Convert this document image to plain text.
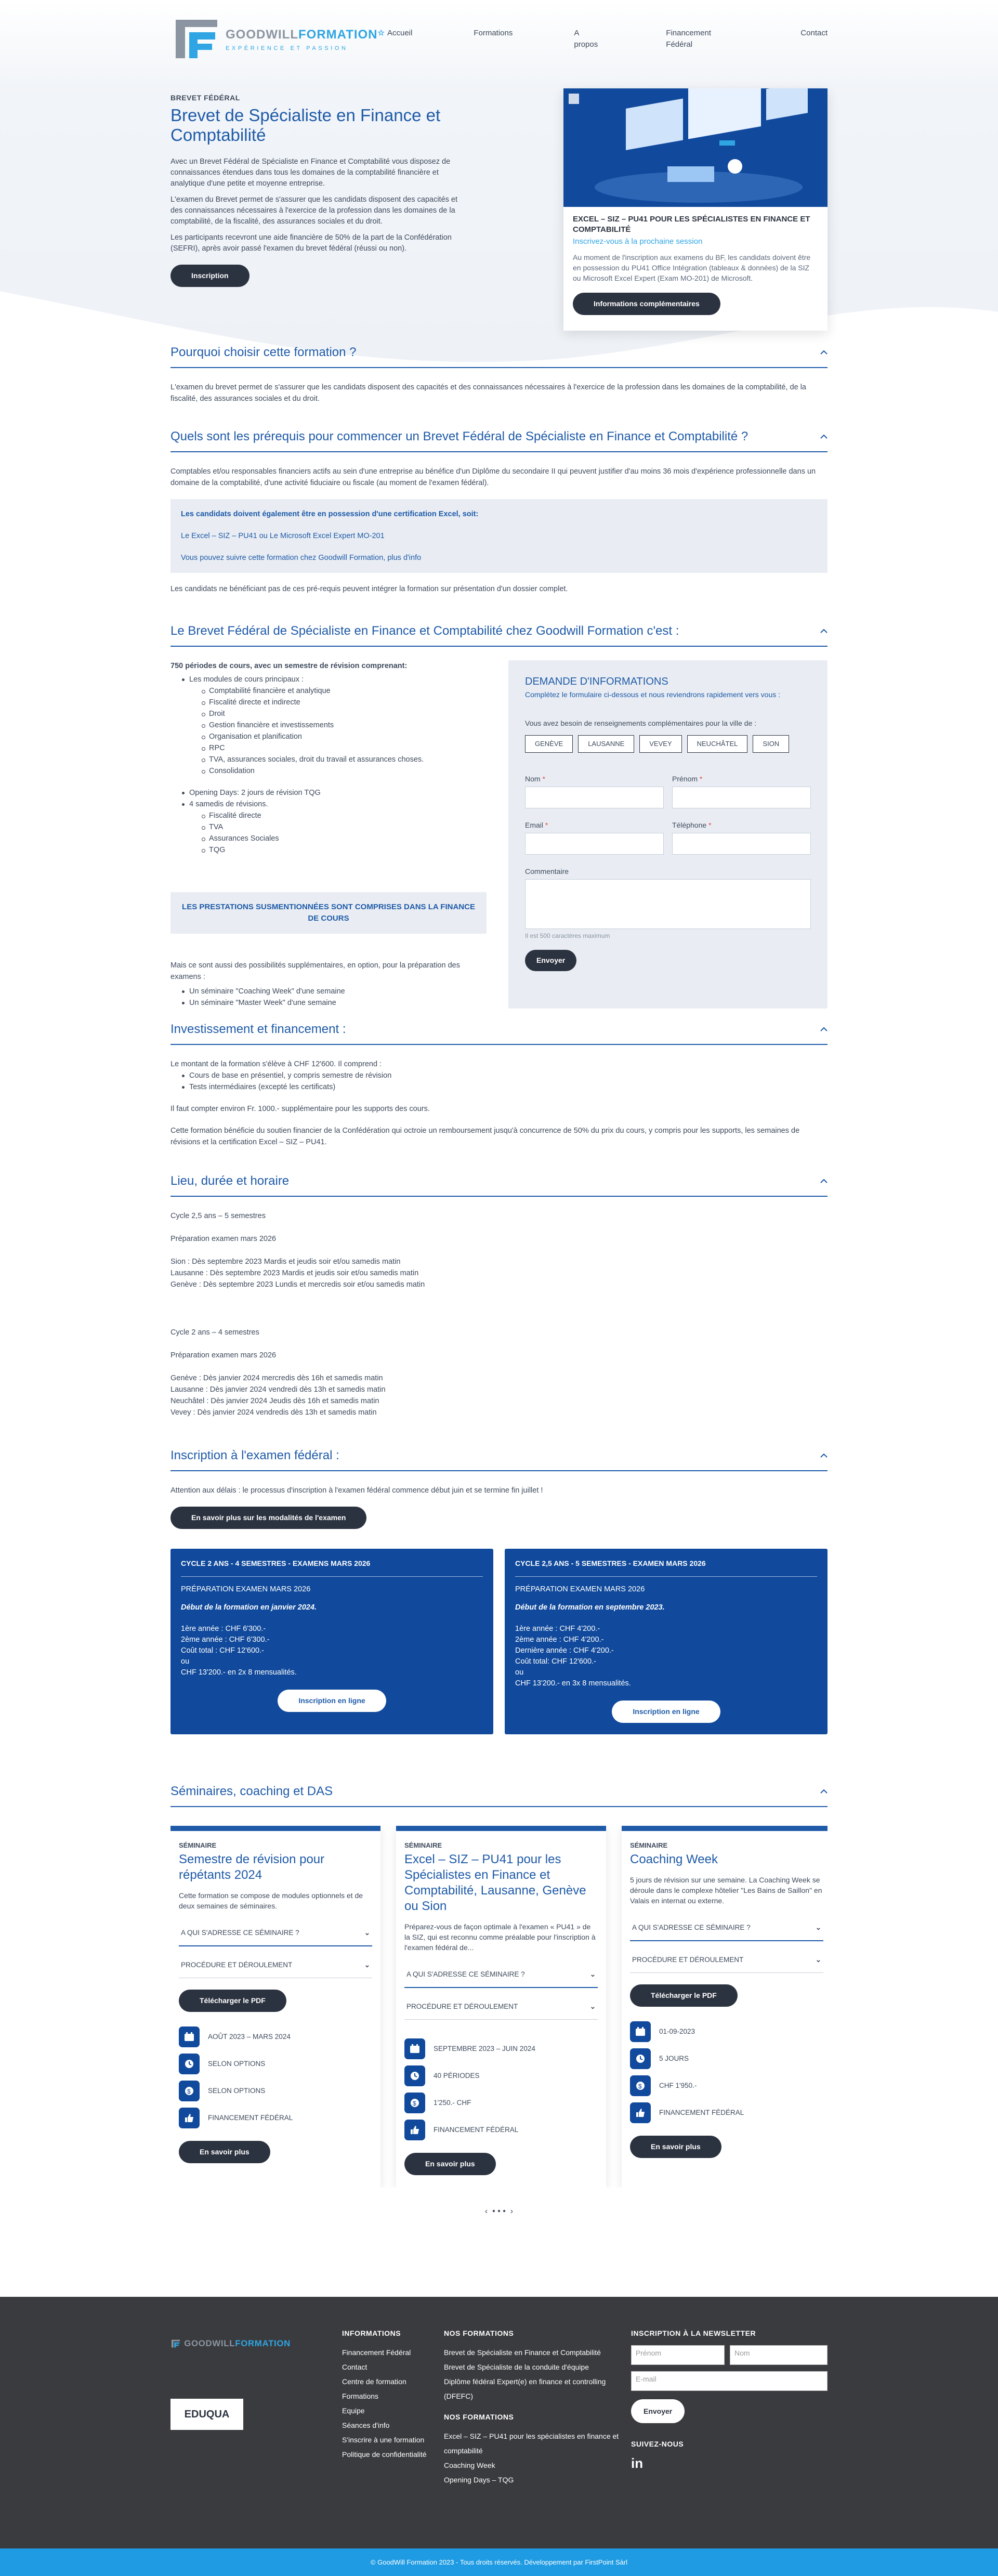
GOODWILLFORMATION
EXPÉRIENCE ET PASSION
☆ Accueil	Formations	A propos
Financement Fédéral
Contact
BREVET FÉDÉRAL
Brevet de Spécialiste en Finance et Comptabilité

Avec un Brevet Fédéral de Spécialiste en Finance et Comptabilité vous disposez de connaissances étendues dans tous les domaines de la comptabilité financière et analytique d'une petite et moyenne entreprise.

L'examen du Brevet permet de s'assurer que les candidats disposent des capacités et des connaissances nécessaires à l'exercice de la profession dans les domaines de la comptabilité, de la fiscalité, des assurances sociales et du droit.

Les participants recevront une aide financière de 50% de la part de la Confédération (SEFRI), après avoir passé l'examen du brevet fédéral (réussi ou non).

Inscription
EXCEL – SIZ – PU41 POUR LES SPÉCIALISTES EN FINANCE ET COMPTABILITÉ
Inscrivez-vous à la prochaine session
Au moment de l'inscription aux examens du BF, les candidats doivent être en possession du PU41 Office Intégration (tableaux & données) de la SIZ ou Microsoft Excel Expert (Exam MO-201) de Microsoft.
Informations complémentaires
Pourquoi choisir cette formation ?

L'examen du brevet permet de s'assurer que les candidats disposent des capacités et des connaissances nécessaires à l'exercice de la profession dans les domaines de la comptabilité, de la fiscalité, des assurances sociales et du droit.

Quels sont les prérequis pour commencer un Brevet Fédéral de Spécialiste en Finance et Comptabilité ?

Comptables et/ou responsables financiers actifs au sein d'une entreprise au bénéfice d'un Diplôme du secondaire II qui peuvent justifier d'au moins 36 mois d'expérience professionnelle dans un domaine de la comptabilité, d'une activité fiduciaire ou fiscale (au moment de l'examen fédéral).

Les candidats doivent également être en possession d'une certification Excel, soit:

Le Excel – SIZ – PU41 ou Le Microsoft Excel Expert MO-201

Vous pouvez suivre cette formation chez Goodwill Formation, plus d'info

Les candidats ne bénéficiant pas de ces pré-requis peuvent intégrer la formation sur présentation d'un dossier complet.

Le Brevet Fédéral de Spécialiste en Finance et Comptabilité chez Goodwill Formation c'est :

750 périodes de cours, avec un semestre de révision comprenant:

Les modules de cours principaux :
Comptabilité financière et analytique
Fiscalité directe et indirecte
Droit
Gestion financière et investissements
Organisation et planification
RPC
TVA, assurances sociales, droit du travail et assurances choses.
Consolidation
Opening Days: 2 jours de révision TQG
4 samedis de révisions.
Fiscalité directe
TVA
Assurances Sociales
TQG
LES PRESTATIONS SUSMENTIONNÉES SONT COMPRISES DANS LA FINANCE DE COURS

Mais ce sont aussi des possibilités supplémentaires, en option, pour la préparation des examens :

Un séminaire "Coaching Week" d'une semaine
Un séminaire "Master Week" d'une semaine
DEMANDE D'INFORMATIONS

Complétez le formulaire ci-dessous et nous reviendrons rapidement vers vous :

Vous avez besoin de renseignements complémentaires pour la ville de :

GENÈVE	LAUSANNE	VEVEY	NEUCHÂTEL	SION
Nom *	Prénom *
Email *	Téléphone *
Commentaire

Il est 500 caractères maximum

Envoyer
Investissement et financement :

Le montant de la formation s'élève à CHF 12'600. Il comprend :

Cours de base en présentiel, y compris semestre de révision
Tests intermédiaires (excepté les certificats)

Il faut compter environ Fr. 1000.- supplémentaire pour les supports des cours.

Cette formation bénéficie du soutien financier de la Confédération qui octroie un remboursement jusqu'à concurrence de 50% du prix du cours, y compris pour les supports, les semaines de révisions et la certification Excel – SIZ – PU41.

Lieu, durée et horaire

Cycle 2,5 ans – 5 semestres

Préparation examen mars 2026

Sion : Dès septembre 2023 Mardis et jeudis soir et/ou samedis matin

Lausanne : Dès septembre 2023 Mardis et jeudis soir et/ou samedis matin

Genève : Dès septembre 2023 Lundis et mercredis soir et/ou samedis matin

Cycle 2 ans – 4 semestres

Préparation examen mars 2026

Genève : Dès janvier 2024 mercredis dès 16h et samedis matin

Lausanne : Dès janvier 2024 vendredi dès 13h et samedis matin

Neuchâtel : Dès janvier 2024 Jeudis dès 16h et samedis matin

Vevey : Dès janvier 2024 vendredis dès 13h et samedis matin

Inscription à l'examen fédéral :

Attention aux délais : le processus d'inscription à l'examen fédéral commence début juin et se termine fin juillet !

En savoir plus sur les modalités de l'examen
CYCLE 2 ANS - 4 SEMESTRES - EXAMENS MARS 2026

PRÉPARATION EXAMEN MARS 2026

Début de la formation en janvier 2024.

1ère année : CHF 6'300.-

2ème année : CHF 6'300.-

Coût total : CHF 12'600.-

ou

CHF 13'200.- en 2x 8 mensualités.

Inscription en ligne
CYCLE 2,5 ANS - 5 SEMESTRES - EXAMEN MARS 2026

PRÉPARATION EXAMEN MARS 2026

Début de la formation en septembre 2023.

1ère année : CHF 4'200.-

2ème année : CHF 4'200.-

Dernière année : CHF 4'200.-

Coût total: CHF 12'600.-

ou

CHF 13'200.- en 3x 8 mensualités.

Inscription en ligne
Séminaires, coaching et DAS
SÉMINAIRE
Semestre de révision pour répétants 2024

Cette formation se compose de modules optionnels et de deux semaines de séminaires.

A QUI S'ADRESSE CE SÉMINAIRE ?	⌄
PROCÉDURE ET DÉROULEMENT	⌄
Télécharger le PDF
AOÛT 2023 – MARS 2024
SELON OPTIONS
$ SELON OPTIONS
FINANCEMENT FÉDÉRAL
En savoir plus
SÉMINAIRE
Excel – SIZ – PU41 pour les Spécialistes en Finance et Comptabilité, Lausanne, Genève ou Sion

Préparez-vous de façon optimale à l'examen « PU41 » de la SIZ, qui est reconnu comme préalable pour l'inscription à l'examen fédéral de...

A QUI S'ADRESSE CE SÉMINAIRE ?	⌄
PROCÉDURE ET DÉROULEMENT	⌄
SEPTEMBRE 2023 – JUIN 2024
40 PÉRIODES
$ 1'250.- CHF
FINANCEMENT FÉDÉRAL
En savoir plus
SÉMINAIRE
Coaching Week

5 jours de révision sur une semaine. La Coaching Week se déroule dans le complexe hôtelier "Les Bains de Saillon" en Valais en internat ou externe.

A QUI S'ADRESSE CE SÉMINAIRE ?	⌄
PROCÉDURE ET DÉROULEMENT	⌄
Télécharger le PDF
01-09-2023
5 JOURS
$ CHF 1'950.-
FINANCEMENT FÉDÉRAL
En savoir plus
‹  • • •  ›
GOODWILLFORMATION
EDUQUA
INFORMATIONS
Financement Fédéral
Contact
Centre de formation
Formations
Equipe
Séances d'info
S'inscrire à une formation
Politique de confidentialité
NOS FORMATIONS
Brevet de Spécialiste en Finance et Comptabilité
Brevet de Spécialiste de la conduite d'équipe
Diplôme fédéral Expert(e) en finance et controlling (DFEFC)
NOS FORMATIONS
Excel – SIZ – PU41 pour les spécialistes en finance et comptabilité
Coaching Week
Opening Days – TQG
INSCRIPTION À LA NEWSLETTER
Prénom	Nom
E-mail
Envoyer
SUIVEZ-NOUS
in
© GoodWill Formation 2023 - Tous droits réservés. Développement par FirstPoint Sàrl
